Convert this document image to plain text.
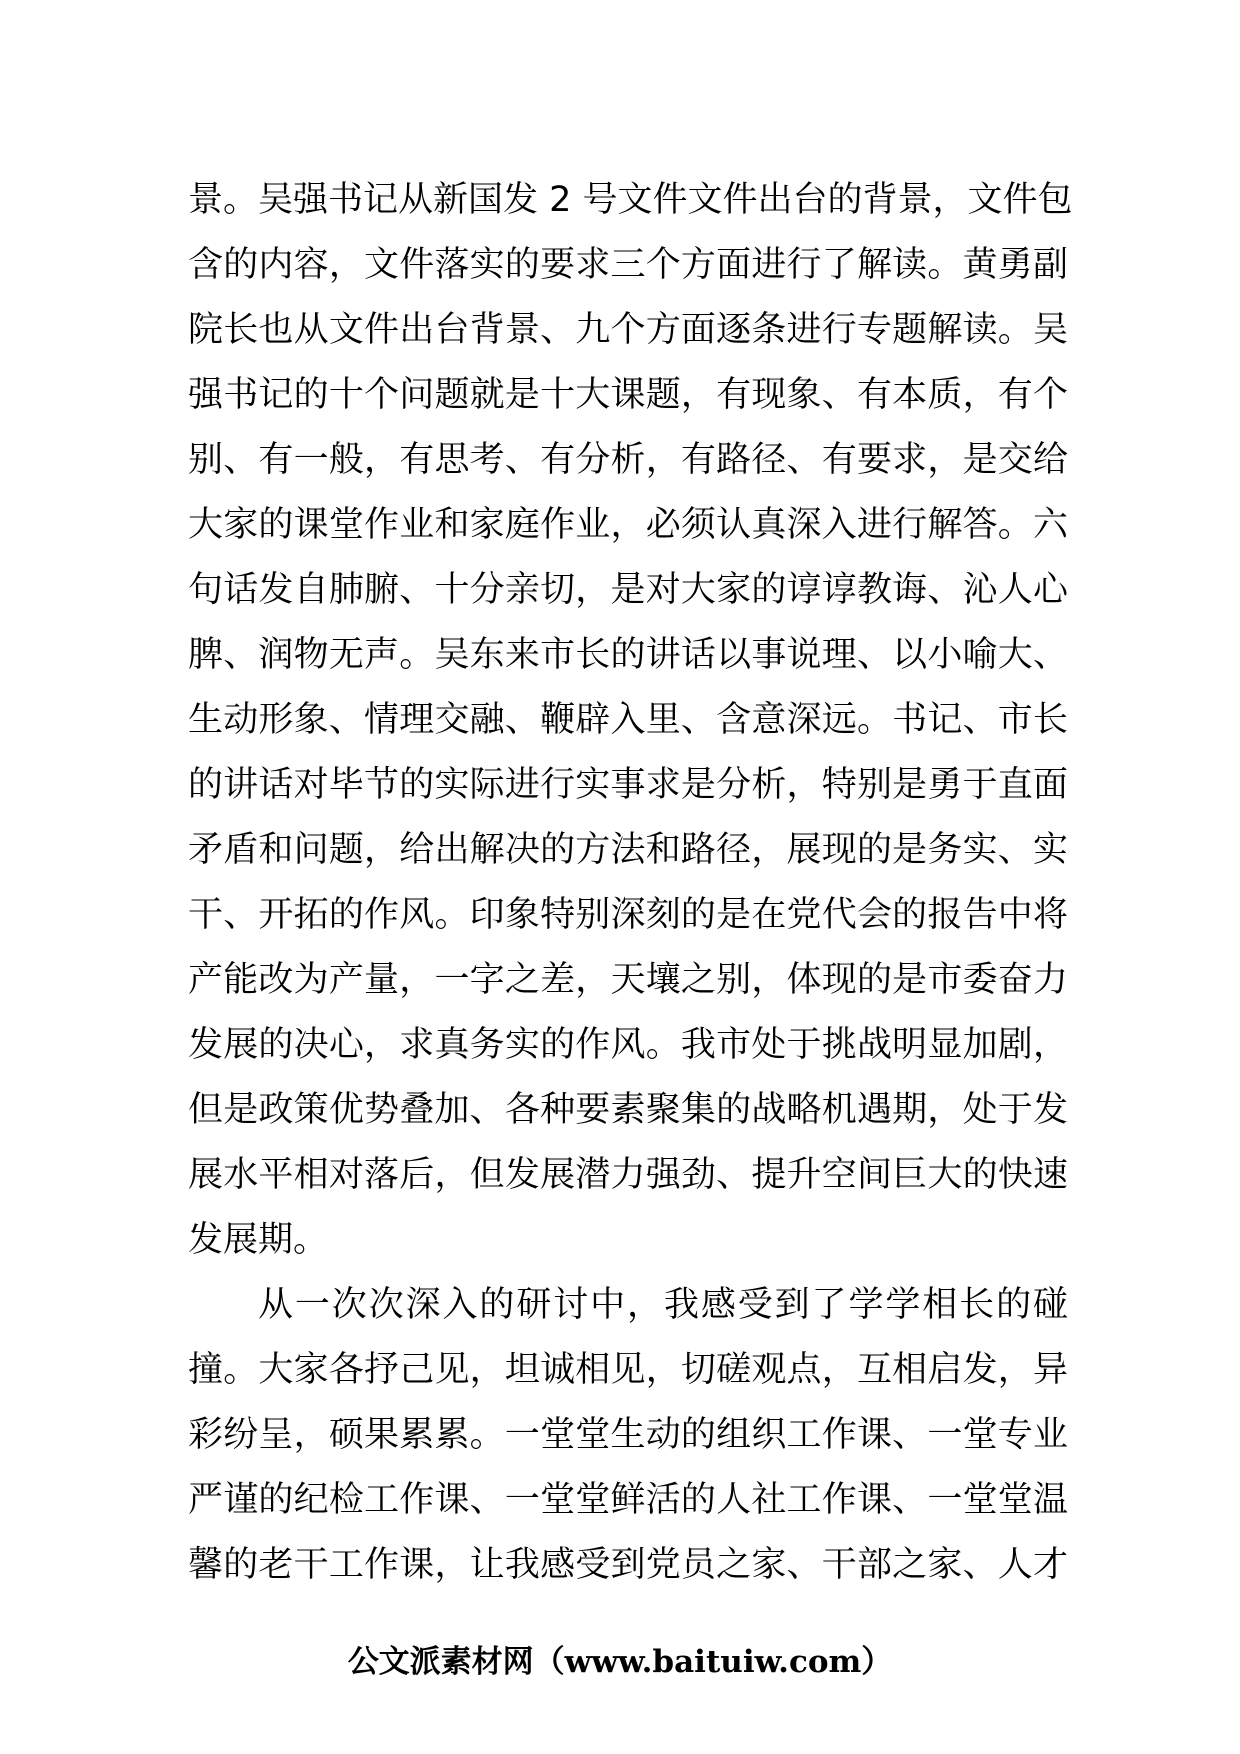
景。吴强书记从新国发 2 号文件文件出台的背景，文件包
含的内容，文件落实的要求三个方面进行了解读。黄勇副
院长也从文件出台背景、九个方面逐条进行专题解读。吴
强书记的十个问题就是十大课题，有现象、有本质，有个
别、有一般，有思考、有分析，有路径、有要求，是交给
大家的课堂作业和家庭作业，必须认真深入进行解答。六
句话发自肺腑、十分亲切，是对大家的谆谆教诲、沁人心
脾、润物无声。吴东来市长的讲话以事说理、以小喻大、
生动形象、情理交融、鞭辟入里、含意深远。书记、市长
的讲话对毕节的实际进行实事求是分析，特别是勇于直面
矛盾和问题，给出解决的方法和路径，展现的是务实、实
干、开拓的作风。印象特别深刻的是在党代会的报告中将
产能改为产量，一字之差，天壤之别，体现的是市委奋力
发展的决心，求真务实的作风。我市处于挑战明显加剧，
但是政策优势叠加、各种要素聚集的战略机遇期，处于发
展水平相对落后，但发展潜力强劲、提升空间巨大的快速
发展期。
从一次次深入的研讨中，我感受到了学学相长的碰
撞。大家各抒己见，坦诚相见，切磋观点，互相启发，异
彩纷呈，硕果累累。一堂堂生动的组织工作课、一堂专业
严谨的纪检工作课、一堂堂鲜活的人社工作课、一堂堂温
馨的老干工作课，让我感受到党员之家、干部之家、人才
公文派素材网（www.baituiw.com）
